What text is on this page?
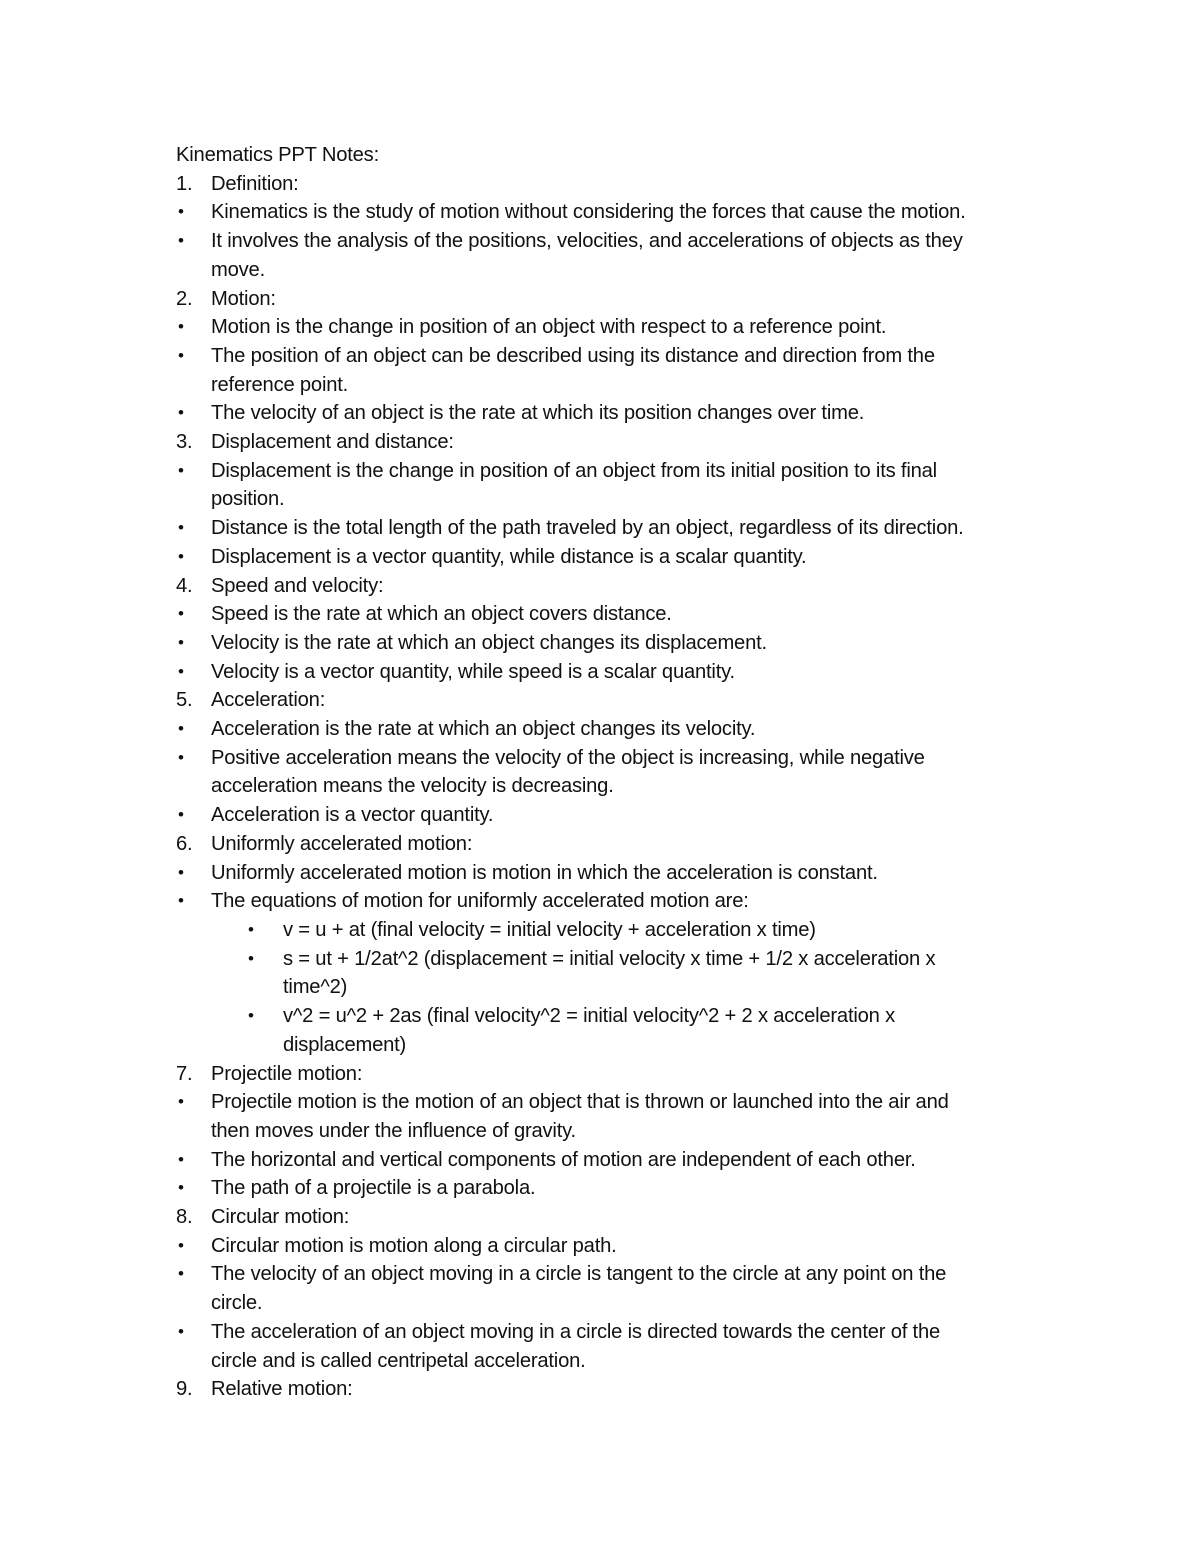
Kinematics PPT Notes:
1. Definition:
•	Kinematics is the study of motion without considering the forces that cause the motion.
•	It involves the analysis of the positions, velocities, and accelerations of objects as they
move.
2. Motion:
•	Motion is the change in position of an object with respect to a reference point.
•	The position of an object can be described using its distance and direction from the
reference point.
•	The velocity of an object is the rate at which its position changes over time.
3. Displacement and distance:
•	Displacement is the change in position of an object from its initial position to its final
position.
•	Distance is the total length of the path traveled by an object, regardless of its direction.
•	Displacement is a vector quantity, while distance is a scalar quantity.
4. Speed and velocity:
•	Speed is the rate at which an object covers distance.
•	Velocity is the rate at which an object changes its displacement.
•	Velocity is a vector quantity, while speed is a scalar quantity.
5. Acceleration:
•	Acceleration is the rate at which an object changes its velocity.
•	Positive acceleration means the velocity of the object is increasing, while negative
acceleration means the velocity is decreasing.
•	Acceleration is a vector quantity.
6. Uniformly accelerated motion:
•	Uniformly accelerated motion is motion in which the acceleration is constant.
•	The equations of motion for uniformly accelerated motion are:
•	v = u + at (final velocity = initial velocity + acceleration x time)
•	s = ut + 1/2at^2 (displacement = initial velocity x time + 1/2 x acceleration x
time^2)
•	v^2 = u^2 + 2as (final velocity^2 = initial velocity^2 + 2 x acceleration x
displacement)
7. Projectile motion:
•	Projectile motion is the motion of an object that is thrown or launched into the air and
then moves under the influence of gravity.
•	The horizontal and vertical components of motion are independent of each other.
•	The path of a projectile is a parabola.
8. Circular motion:
•	Circular motion is motion along a circular path.
•	The velocity of an object moving in a circle is tangent to the circle at any point on the
circle.
•	The acceleration of an object moving in a circle is directed towards the center of the
circle and is called centripetal acceleration.
9. Relative motion:
